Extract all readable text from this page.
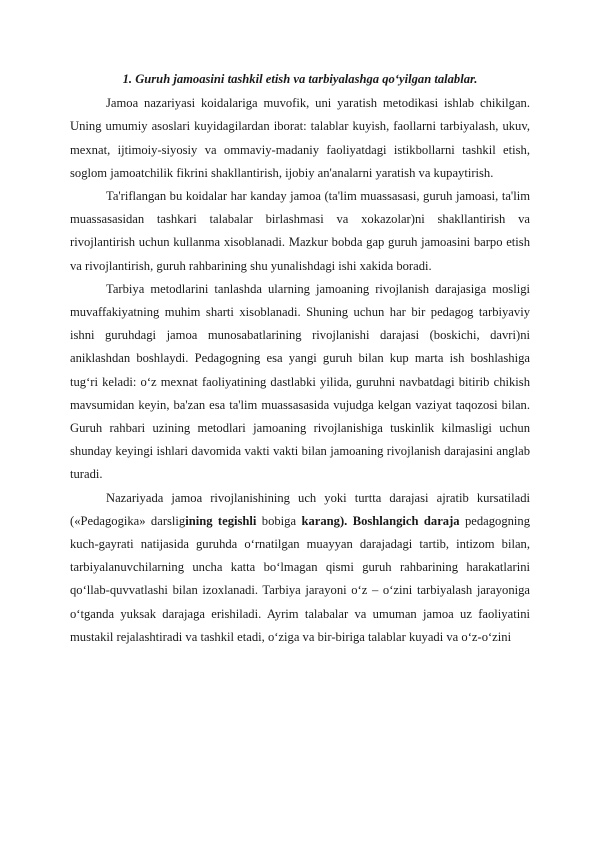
1. Guruh jamoasini tashkil etish va tarbiyalashga qo‘yilgan talablar.

Jamoa nazariyasi koidalariga muvofik, uni yaratish metodikasi ishlab chikilgan. Uning umumiy asoslari kuyidagilardan iborat: talablar kuyish, faollarni tarbiyalash, ukuv, mexnat, ijtimoiy-siyosiy va ommaviy-madaniy faoliyatdagi istikbollarni tashkil etish, soglom jamoatchilik fikrini shakllantirish, ijobiy an'analarni yaratish va kupaytirish.

Ta'riflangan bu koidalar har kanday jamoa (ta'lim muassasasi, guruh jamoasi, ta'lim muassasasidan tashkari talabalar birlashmasi va xokazolar)ni shakllantirish va rivojlantirish uchun kullanma xisoblanadi. Mazkur bobda gap guruh jamoasini barpo etish va rivojlantirish, guruh rahbarining shu yunalishdagi ishi xakida boradi.

Tarbiya metodlarini tanlashda ularning jamoaning rivojlanish darajasiga mosligi muvaffakiyatning muhim sharti xisoblanadi. Shuning uchun har bir pedagog tarbiyaviy ishni guruhdagi jamoa munosabatlarining rivojlanishi darajasi (boskichi, davri)ni aniklashdan boshlaydi. Pedagogning esa yangi guruh bilan kup marta ish boshlashiga tug‘ri keladi: o‘z mexnat faoliyatining dastlabki yilida, guruhni navbatdagi bitirib chikish mavsumidan keyin, ba'zan esa ta'lim muassasasida vujudga kelgan vaziyat taqozosi bilan. Guruh rahbari uzining metodlari jamoaning rivojlanishiga tuskinlik kilmasligi uchun shunday keyingi ishlari davomida vakti vakti bilan jamoaning rivojlanish darajasini anglab turadi.

Nazariyada jamoa rivojlanishining uch yoki turtta darajasi ajratib kursatiladi («Pedagogika» darsligining tegishli bobiga karang). Boshlangich daraja pedagogning kuch-gayrati natijasida guruhda o‘rnatilgan muayyan darajadagi tartib, intizom bilan, tarbiyalanuvchilarning uncha katta bo‘lmagan qismi guruh rahbarining harakatlarini qo‘llab-quvvatlashi bilan izoxlanadi. Tarbiya jarayoni o‘z – o‘zini tarbiyalash jarayoniga o‘tganda yuksak darajaga erishiladi. Ayrim talabalar va umuman jamoa uz faoliyatini mustakil rejalashtiradi va tashkil etadi, o‘ziga va bir-biriga talablar kuyadi va o‘z-o‘zini
